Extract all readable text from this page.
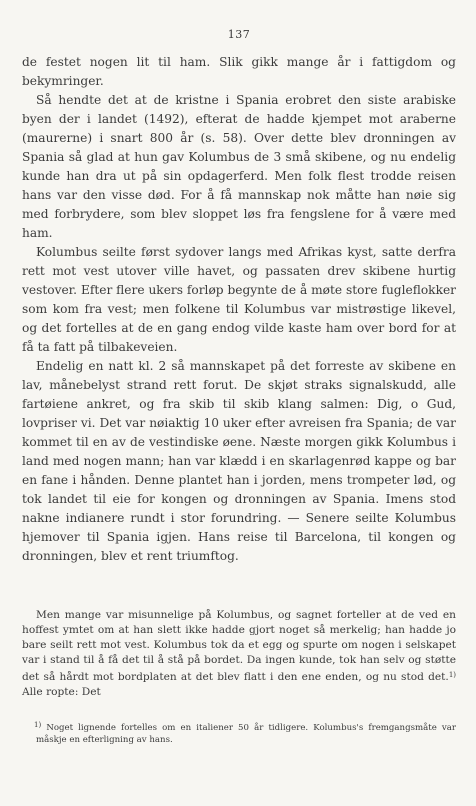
137

de festet nogen lit til ham. Slik gikk mange år i fattigdom og bekymringer.

Så hendte det at de kristne i Spania erobret den siste arabiske byen der i landet (1492), efterat de hadde kjempet mot araberne (maurerne) i snart 800 år (s. 58). Over dette blev dronningen av Spania så glad at hun gav Kolumbus de 3 små skibene, og nu endelig kunde han dra ut på sin opdagerferd. Men folk flest trodde reisen hans var den visse død. For å få mannskap nok måtte han nøie sig med forbrydere, som blev sloppet løs fra fengslene for å være med ham.

Kolumbus seilte først sydover langs med Afrikas kyst, satte derfra rett mot vest utover ville havet, og passaten drev skibene hurtig vestover. Efter flere ukers forløp begynte de å møte store fugleflokker som kom fra vest; men folkene til Kolumbus var mistrøstige likevel, og det fortelles at de en gang endog vilde kaste ham over bord for at få ta fatt på tilbakeveien.

Endelig en natt kl. 2 så mannskapet på det forreste av skibene en lav, månebelyst strand rett forut. De skjøt straks signalskudd, alle fartøiene ankret, og fra skib til skib klang salmen: Dig, o Gud, lovpriser vi. Det var nøiaktig 10 uker efter avreisen fra Spania; de var kommet til en av de vestindiske øene. Næste morgen gikk Kolumbus i land med nogen mann; han var klædd i en skarlagenrød kappe og bar en fane i hånden. Denne plantet han i jorden, mens trompeter lød, og tok landet til eie for kongen og dronningen av Spania. Imens stod nakne indianere rundt i stor forundring. — Senere seilte Kolumbus hjemover til Spania igjen. Hans reise til Barcelona, til kongen og dronningen, blev et rent triumftog.

Men mange var misunnelige på Kolumbus, og sagnet forteller at de ved en hoffest ymtet om at han slett ikke hadde gjort noget så merkelig; han hadde jo bare seilt rett mot vest. Kolumbus tok da et egg og spurte om nogen i selskapet var i stand til å få det til å stå på bordet. Da ingen kunde, tok han selv og støtte det så hårdt mot bordplaten at det blev flatt i den ene enden, og nu stod det.$^{1)}$ Alle ropte: Det

$^{1)}$ Noget lignende fortelles om en italiener 50 år tidligere. Kolumbus's fremgangsmåte var måskje en efterligning av hans.
